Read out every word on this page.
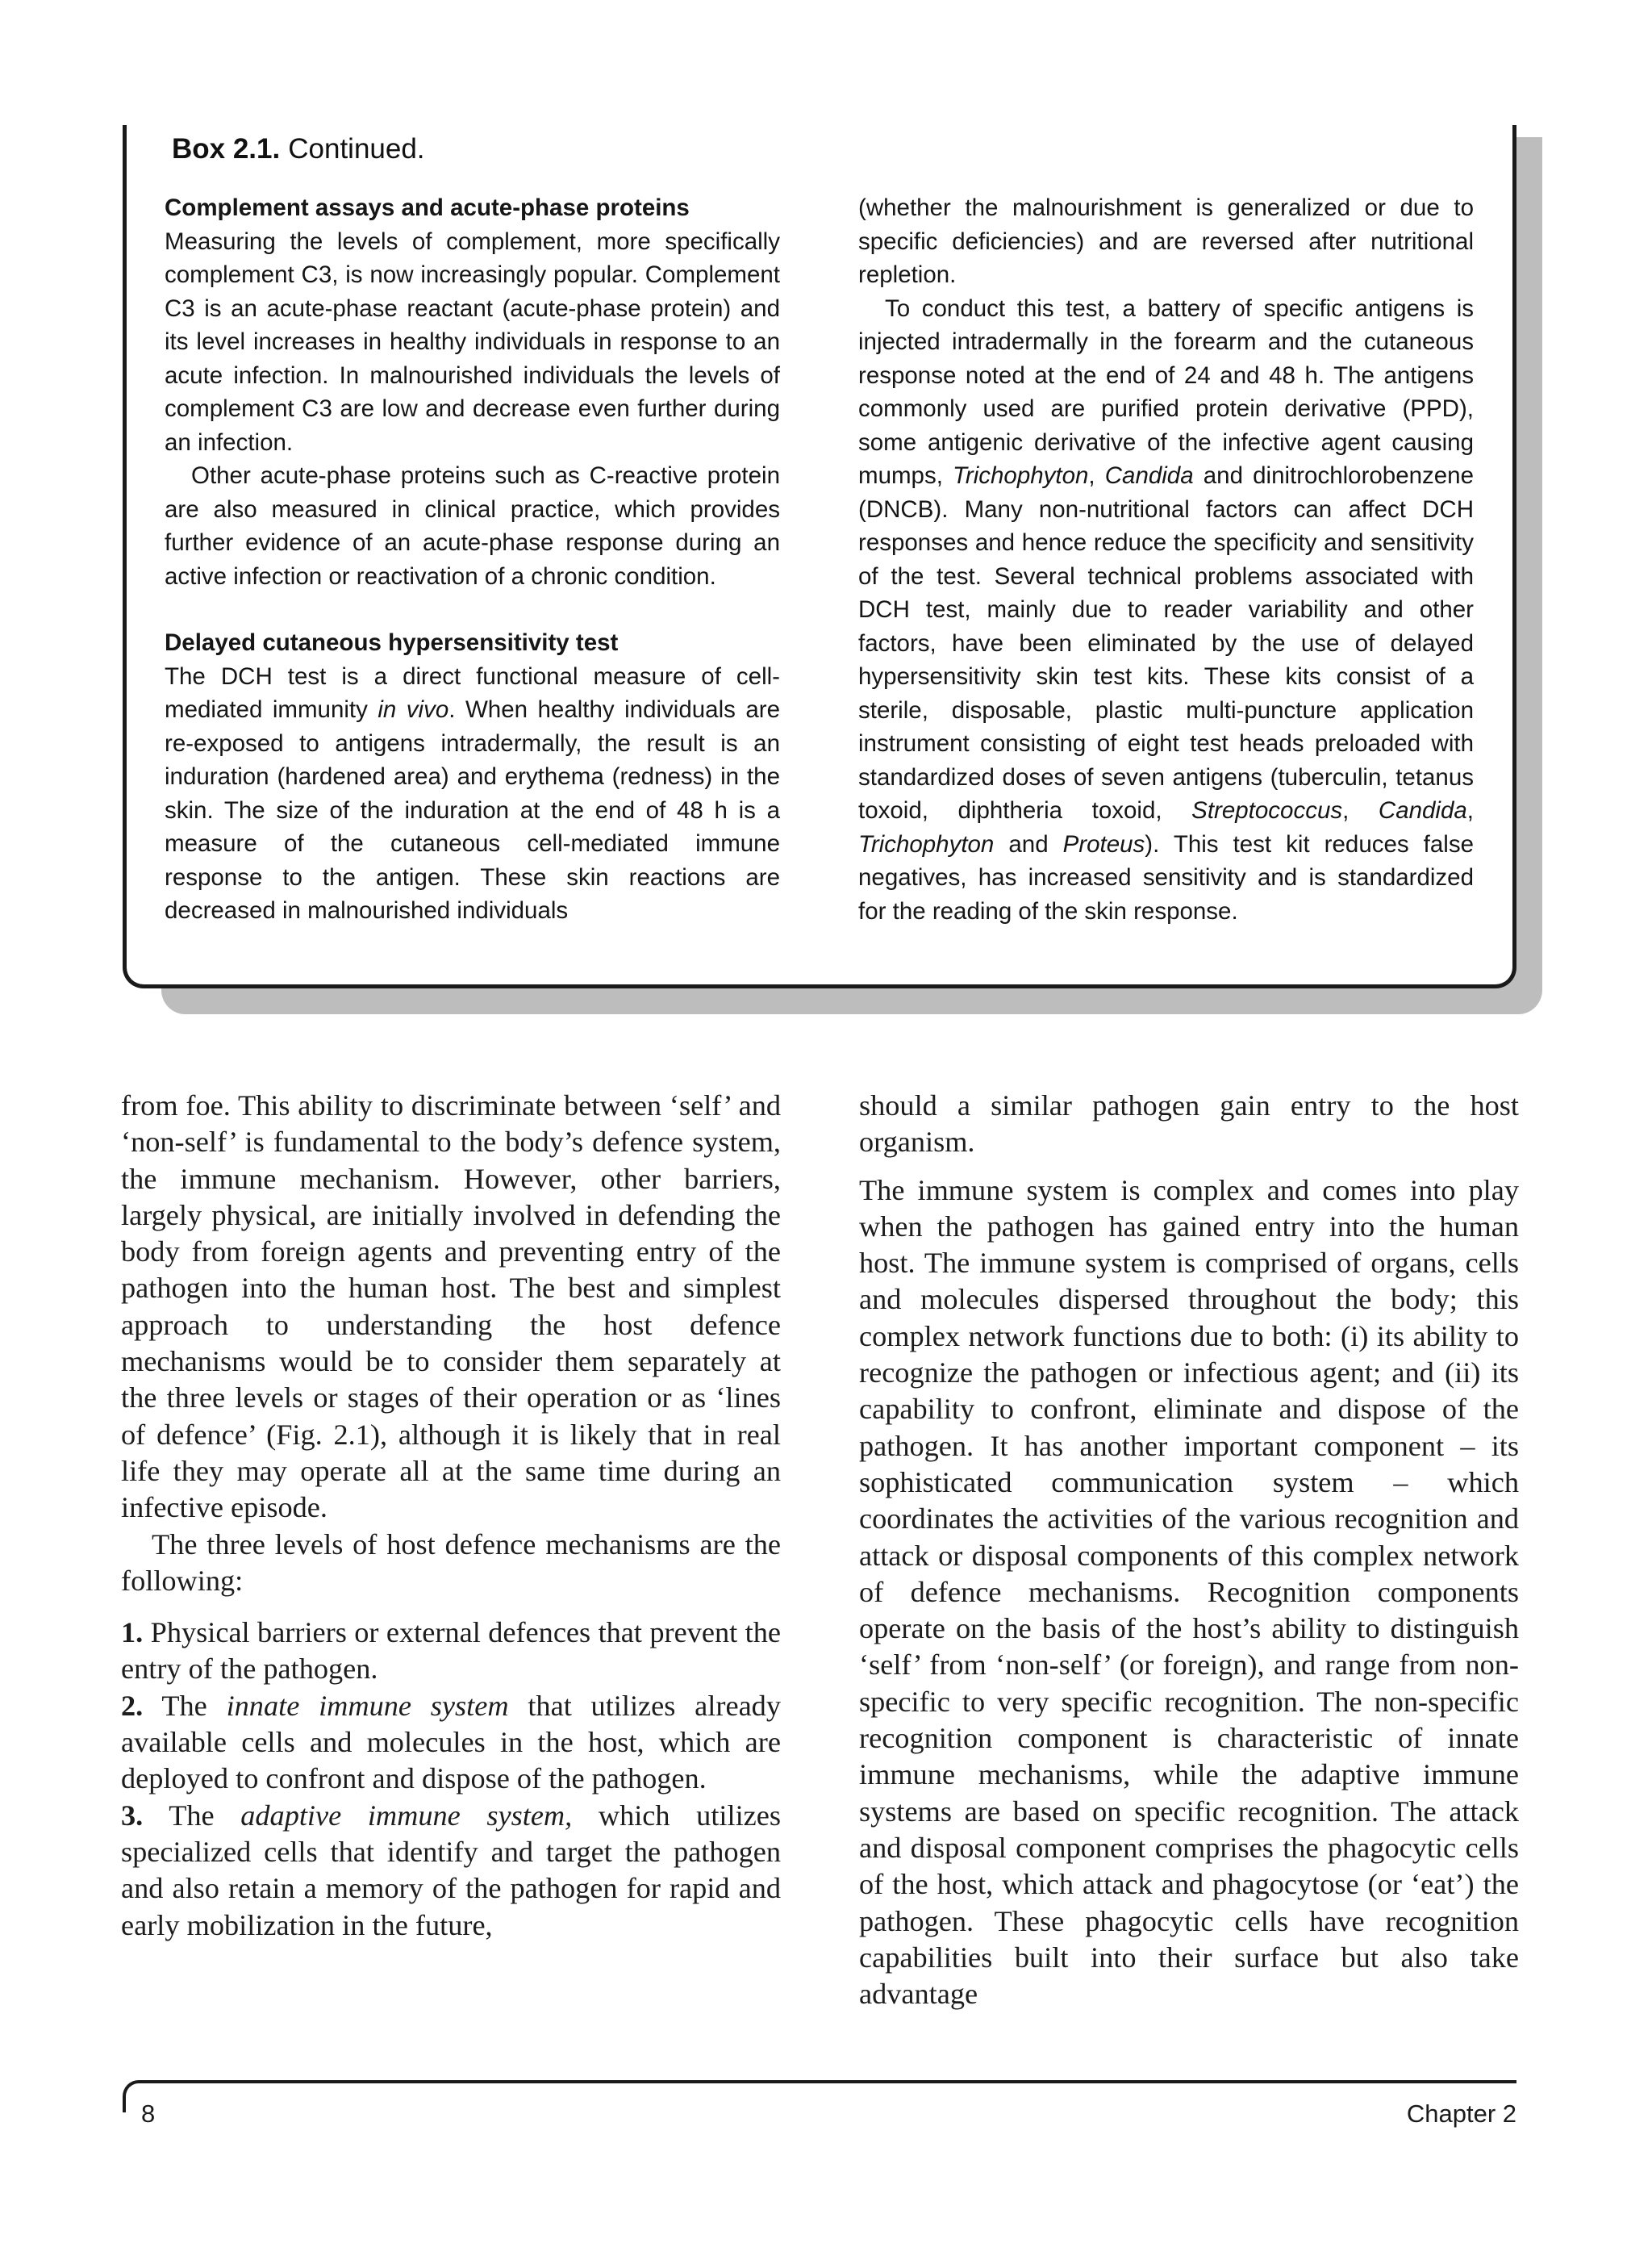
Box 2.1. Continued.

Complement assays and acute-phase proteins

Measuring the levels of complement, more specifically complement C3, is now increasingly popular. Complement C3 is an acute-phase reactant (acute-phase protein) and its level increases in healthy individuals in response to an acute infection. In malnourished individuals the levels of complement C3 are low and decrease even further during an infection.

Other acute-phase proteins such as C-reactive protein are also measured in clinical practice, which provides further evidence of an acute-phase response during an active infection or reactivation of a chronic condition.

Delayed cutaneous hypersensitivity test

The DCH test is a direct functional measure of cell-mediated immunity in vivo. When healthy individuals are re-exposed to antigens intradermally, the result is an induration (hardened area) and erythema (redness) in the skin. The size of the induration at the end of 48 h is a measure of the cutaneous cell-mediated immune response to the antigen. These skin reactions are decreased in malnourished individuals

(whether the malnourishment is generalized or due to specific deficiencies) and are reversed after nutritional repletion.

To conduct this test, a battery of specific antigens is injected intradermally in the forearm and the cutaneous response noted at the end of 24 and 48 h. The antigens commonly used are purified protein derivative (PPD), some antigenic derivative of the infective agent causing mumps, Trichophyton, Candida and dinitrochlorobenzene (DNCB). Many non-nutritional factors can affect DCH responses and hence reduce the specificity and sensitivity of the test. Several technical problems associated with DCH test, mainly due to reader variability and other factors, have been eliminated by the use of delayed hypersensitivity skin test kits. These kits consist of a sterile, disposable, plastic multi-puncture application instrument consisting of eight test heads preloaded with standardized doses of seven antigens (tuberculin, tetanus toxoid, diphtheria toxoid, Streptococcus, Candida, Trichophyton and Proteus). This test kit reduces false negatives, has increased sensitivity and is standardized for the reading of the skin response.

from foe. This ability to discriminate between ‘self’ and ‘non-self’ is fundamental to the body’s defence system, the immune mechanism. However, other barriers, largely physical, are initially involved in defending the body from foreign agents and preventing entry of the pathogen into the human host. The best and simplest approach to understanding the host defence mechanisms would be to consider them separately at the three levels or stages of their operation or as ‘lines of defence’ (Fig. 2.1), although it is likely that in real life they may operate all at the same time during an infective episode.

The three levels of host defence mechanisms are the following:

1. Physical barriers or external defences that prevent the entry of the pathogen.

2. The innate immune system that utilizes already available cells and molecules in the host, which are deployed to confront and dispose of the pathogen.

3. The adaptive immune system, which utilizes specialized cells that identify and target the pathogen and also retain a memory of the pathogen for rapid and early mobilization in the future,

should a similar pathogen gain entry to the host organism.

The immune system is complex and comes into play when the pathogen has gained entry into the human host. The immune system is comprised of organs, cells and molecules dispersed throughout the body; this complex network functions due to both: (i) its ability to recognize the pathogen or infectious agent; and (ii) its capability to confront, eliminate and dispose of the pathogen. It has another important component – its sophisticated communication system – which coordinates the activities of the various recognition and attack or disposal components of this complex network of defence mechanisms. Recognition components operate on the basis of the host’s ability to distinguish ‘self’ from ‘non-self’ (or foreign), and range from non-specific to very specific recognition. The non-specific recognition component is characteristic of innate immune mechanisms, while the adaptive immune systems are based on specific recognition. The attack and disposal component comprises the phagocytic cells of the host, which attack and phagocytose (or ‘eat’) the pathogen. These phagocytic cells have recognition capabilities built into their surface but also take advantage

8	Chapter 2
